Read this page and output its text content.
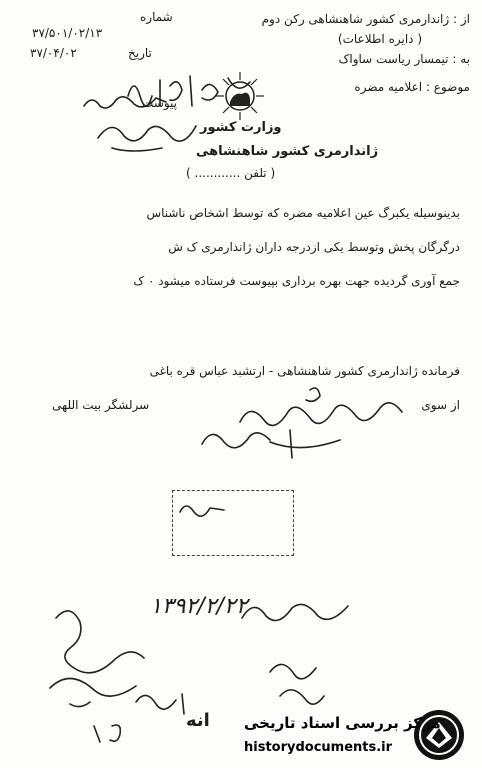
از : ژاندارمری کشور شاهنشاهی رکن دوم
( دایره اطلاعات)
به : تیمسار ریاست ساواک
موضوع : اعلامیه مضره
شماره
۳۷/۵۰۱/۰۲/۱۳
تاریخ
۳۷/۰۴/۰۲
پیوست
وزارت کشور
ژاندارمری کشور شاهنشاهی
( تلفن ............ )
بدینوسیله یکبرگ عین اعلامیه مضره که توسط اشخاص ناشناس
درگرگان پخش وتوسط یکی ازدرجه داران ژاندارمری ک ش
جمع آوری گردیده جهت بهره برداری بپیوست فرستاده میشود ٠ ک
فرمانده ژاندارمری کشور شاهنشاهی - ارتشبد عباس قره باغی
از سوی
سرلشگر بیت اللهی
۱۳۹۲/۲/۲۲
مرکز بررسی اسناد تاریخی
historydocuments.ir
انه
